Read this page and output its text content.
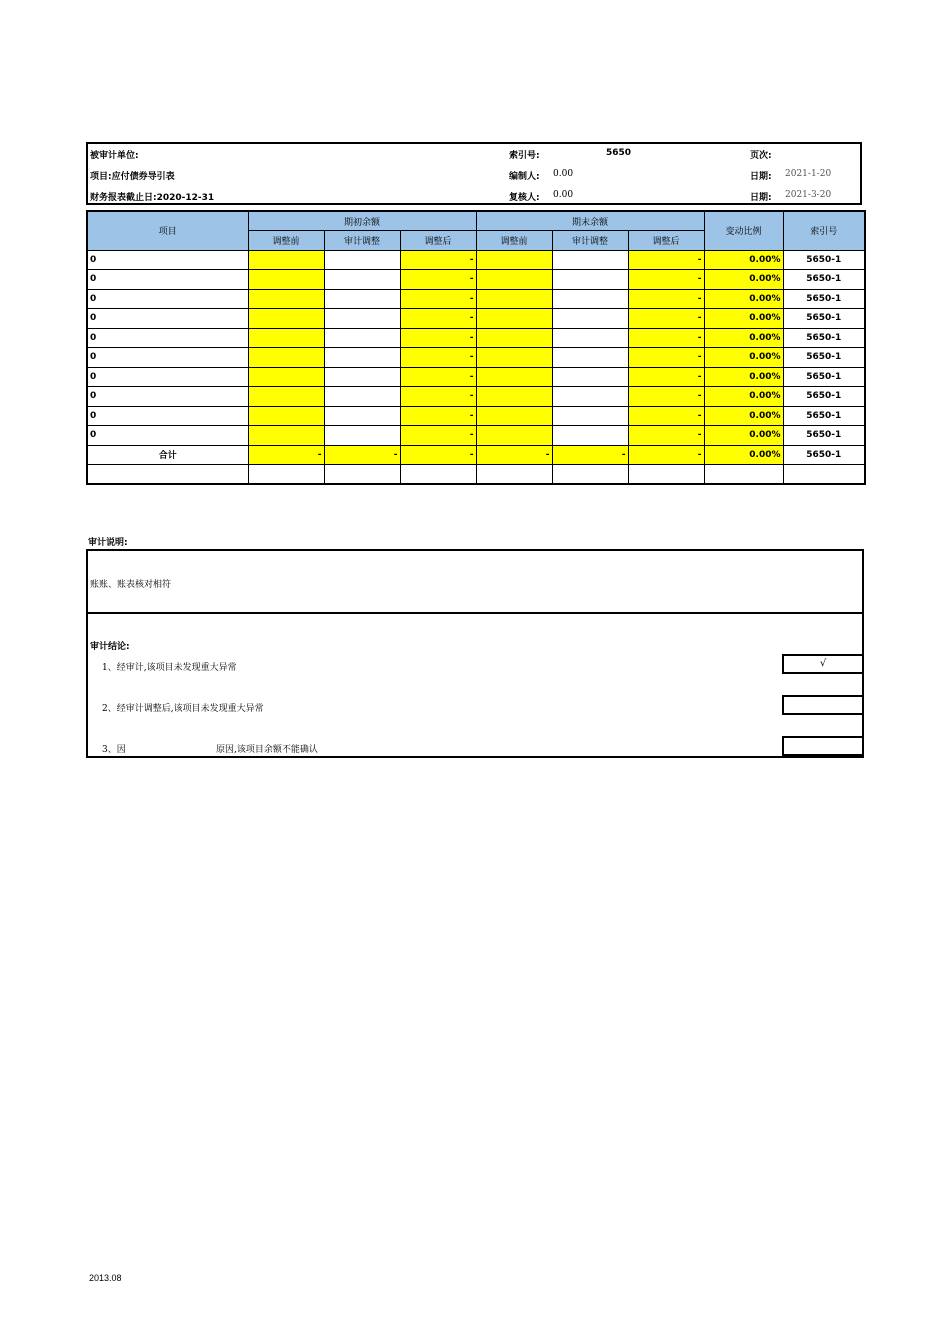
被审计单位:	索引号:	5650	页次:
项目:应付债券导引表	编制人: 0.00	日期: 2021-1-20
财务报表截止日:2020-12-31	复核人: 0.00	日期: 2021-3-20
项目	期初余额			期末余额			变动比例	索引号
	调整前	审计调整	调整后	调整前	审计调整	调整后		
0			-			-	0.00%	5650-1
0			-			-	0.00%	5650-1
0			-			-	0.00%	5650-1
0			-			-	0.00%	5650-1
0			-			-	0.00%	5650-1
0			-			-	0.00%	5650-1
0			-			-	0.00%	5650-1
0			-			-	0.00%	5650-1
0			-			-	0.00%	5650-1
0			-			-	0.00%	5650-1
合计	-	-	-	-	-	-	0.00%	5650-1

审计说明:
账账、账表核对相符
审计结论:
1、经审计,该项目未发现重大异常	√
2、经审计调整后,该项目未发现重大异常
3、因	原因,该项目余额不能确认
2013.08
